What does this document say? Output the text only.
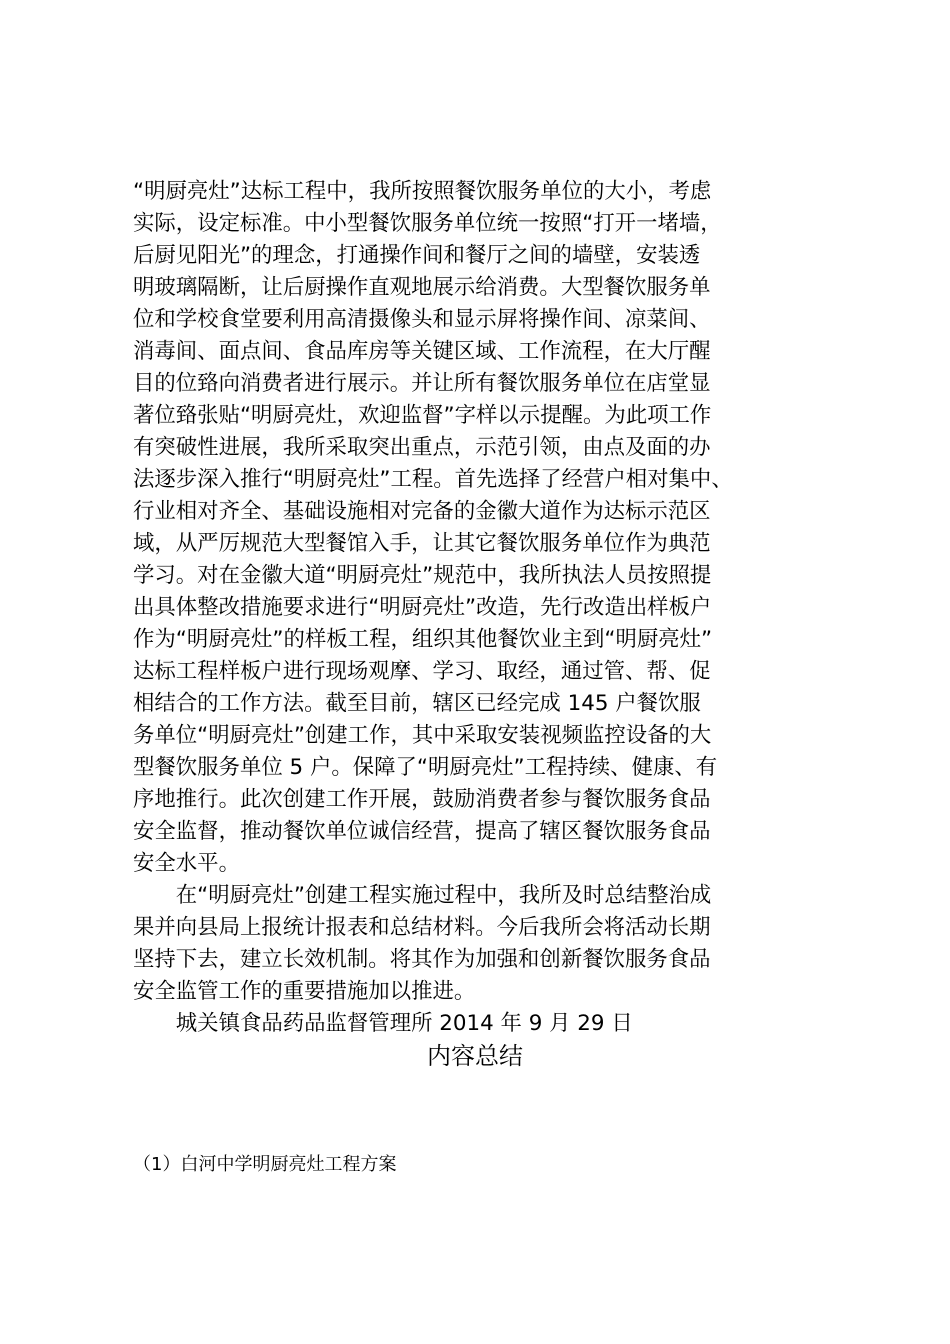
“明厨亮灶”达标工程中，我所按照餐饮服务单位的大小，考虑
实际，设定标准。中小型餐饮服务单位统一按照“打开一堵墙，
后厨见阳光”的理念，打通操作间和餐厅之间的墙壁，安装透
明玻璃隔断，让后厨操作直观地展示给消费。大型餐饮服务单
位和学校食堂要利用高清摄像头和显示屏将操作间、凉菜间、
消毒间、面点间、食品库房等关键区域、工作流程，在大厅醒
目的位臵向消费者进行展示。并让所有餐饮服务单位在店堂显
著位臵张贴“明厨亮灶，欢迎监督”字样以示提醒。为此项工作
有突破性进展，我所采取突出重点，示范引领，由点及面的办
法逐步深入推行“明厨亮灶”工程。首先选择了经营户相对集中、
行业相对齐全、基础设施相对完备的金徽大道作为达标示范区
域，从严厉规范大型餐馆入手，让其它餐饮服务单位作为典范
学习。对在金徽大道“明厨亮灶”规范中，我所执法人员按照提
出具体整改措施要求进行“明厨亮灶”改造，先行改造出样板户
作为“明厨亮灶”的样板工程，组织其他餐饮业主到“明厨亮灶”
达标工程样板户进行现场观摩、学习、取经，通过管、帮、促
相结合的工作方法。截至目前，辖区已经完成 145 户餐饮服
务单位“明厨亮灶”创建工作，其中采取安装视频监控设备的大
型餐饮服务单位 5 户。保障了“明厨亮灶”工程持续、健康、有
序地推行。此次创建工作开展，鼓励消费者参与餐饮服务食品
安全监督，推动餐饮单位诚信经营，提高了辖区餐饮服务食品
安全水平。
　　在“明厨亮灶”创建工程实施过程中，我所及时总结整治成
果并向县局上报统计报表和总结材料。今后我所会将活动长期
坚持下去，建立长效机制。将其作为加强和创新餐饮服务食品
安全监管工作的重要措施加以推进。
　　城关镇食品药品监督管理所 2014 年 9 月 29 日
内容总结
（1）白河中学明厨亮灶工程方案
